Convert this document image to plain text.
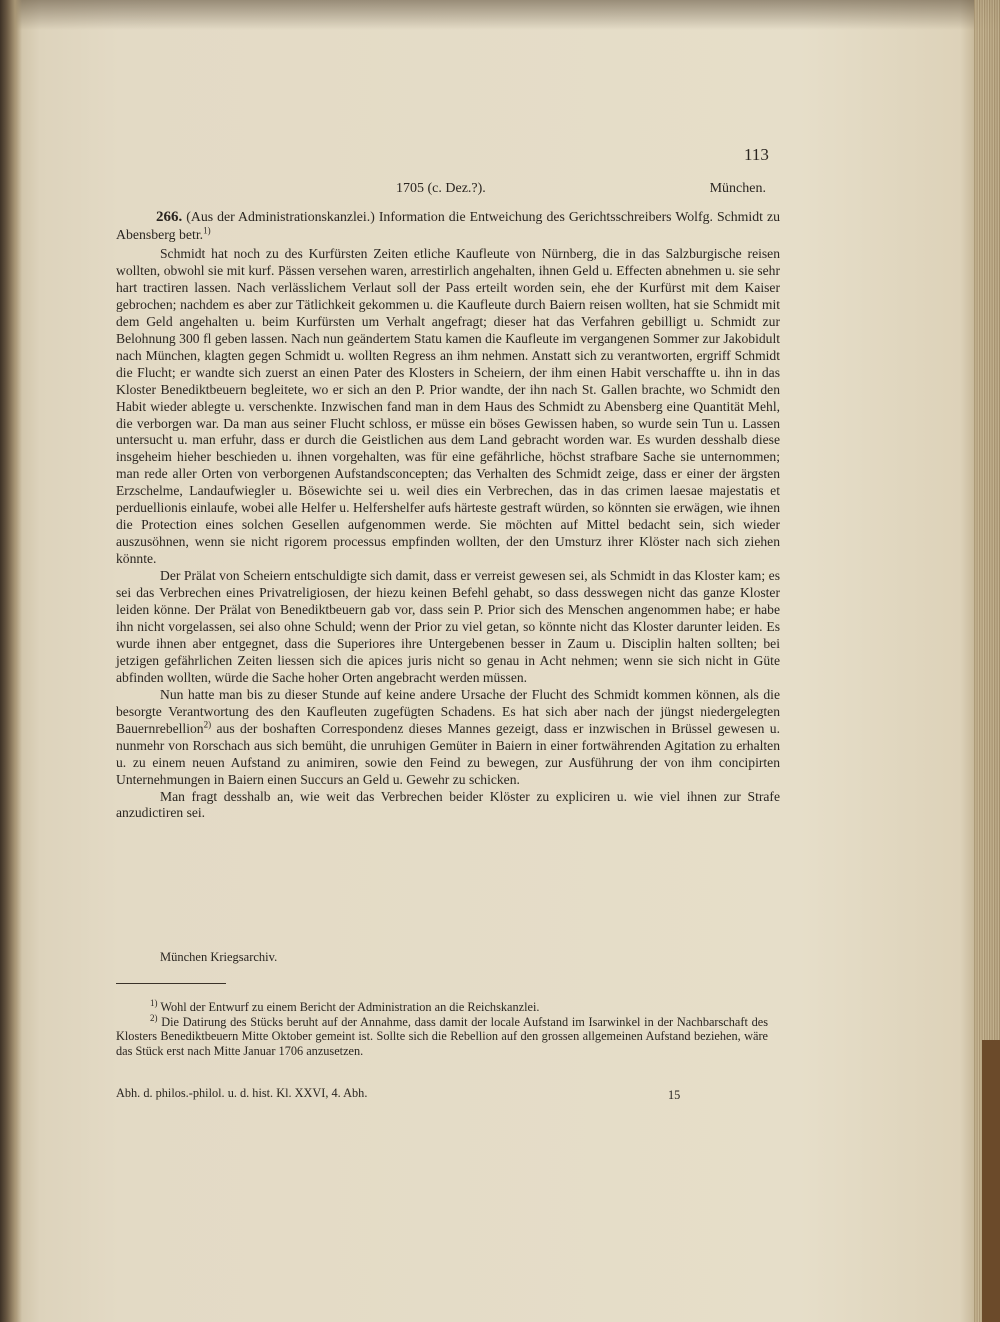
113
1705 (c. Dez.?).	München.
266. (Aus der Administrationskanzlei.) Information die Entweichung des Gerichtsschreibers Wolfg. Schmidt zu Abensberg betr.$^{1)}$

Schmidt hat noch zu des Kurfürsten Zeiten etliche Kaufleute von Nürnberg, die in das Salzburgische reisen wollten, obwohl sie mit kurf. Pässen versehen waren, arrestirlich angehalten, ihnen Geld u. Effecten abnehmen u. sie sehr hart tractiren lassen. Nach verlässlichem Verlaut soll der Pass erteilt worden sein, ehe der Kurfürst mit dem Kaiser gebrochen; nachdem es aber zur Tätlichkeit gekommen u. die Kaufleute durch Baiern reisen wollten, hat sie Schmidt mit dem Geld angehalten u. beim Kurfürsten um Verhalt angefragt; dieser hat das Verfahren gebilligt u. Schmidt zur Belohnung 300 fl geben lassen. Nach nun geändertem Statu kamen die Kaufleute im vergangenen Sommer zur Jakobidult nach München, klagten gegen Schmidt u. wollten Regress an ihm nehmen. Anstatt sich zu verantworten, ergriff Schmidt die Flucht; er wandte sich zuerst an einen Pater des Klosters in Scheiern, der ihm einen Habit verschaffte u. ihn in das Kloster Benediktbeuern begleitete, wo er sich an den P. Prior wandte, der ihn nach St. Gallen brachte, wo Schmidt den Habit wieder ablegte u. verschenkte. Inzwischen fand man in dem Haus des Schmidt zu Abensberg eine Quantität Mehl, die verborgen war. Da man aus seiner Flucht schloss, er müsse ein böses Gewissen haben, so wurde sein Tun u. Lassen untersucht u. man erfuhr, dass er durch die Geistlichen aus dem Land gebracht worden war. Es wurden desshalb diese insgeheim hieher beschieden u. ihnen vorgehalten, was für eine gefährliche, höchst strafbare Sache sie unternommen; man rede aller Orten von verborgenen Aufstandsconcepten; das Verhalten des Schmidt zeige, dass er einer der ärgsten Erzschelme, Landaufwiegler u. Bösewichte sei u. weil dies ein Verbrechen, das in das crimen laesae majestatis et perduellionis einlaufe, wobei alle Helfer u. Helfershelfer aufs härteste gestraft würden, so könnten sie erwägen, wie ihnen die Protection eines solchen Gesellen aufgenommen werde. Sie möchten auf Mittel bedacht sein, sich wieder auszusöhnen, wenn sie nicht rigorem processus empfinden wollten, der den Umsturz ihrer Klöster nach sich ziehen könnte.

Der Prälat von Scheiern entschuldigte sich damit, dass er verreist gewesen sei, als Schmidt in das Kloster kam; es sei das Verbrechen eines Privatreligiosen, der hiezu keinen Befehl gehabt, so dass desswegen nicht das ganze Kloster leiden könne. Der Prälat von Benediktbeuern gab vor, dass sein P. Prior sich des Menschen angenommen habe; er habe ihn nicht vorgelassen, sei also ohne Schuld; wenn der Prior zu viel getan, so könnte nicht das Kloster darunter leiden. Es wurde ihnen aber entgegnet, dass die Superiores ihre Untergebenen besser in Zaum u. Disciplin halten sollten; bei jetzigen gefährlichen Zeiten liessen sich die apices juris nicht so genau in Acht nehmen; wenn sie sich nicht in Güte abfinden wollten, würde die Sache hoher Orten angebracht werden müssen.

Nun hatte man bis zu dieser Stunde auf keine andere Ursache der Flucht des Schmidt kommen können, als die besorgte Verantwortung des den Kaufleuten zugefügten Schadens. Es hat sich aber nach der jüngst niedergelegten Bauernrebellion$^{2)}$ aus der boshaften Correspondenz dieses Mannes gezeigt, dass er inzwischen in Brüssel gewesen u. nunmehr von Rorschach aus sich bemüht, die unruhigen Gemüter in Baiern in einer fortwährenden Agitation zu erhalten u. zu einem neuen Aufstand zu animiren, sowie den Feind zu bewegen, zur Ausführung der von ihm concipirten Unternehmungen in Baiern einen Succurs an Geld u. Gewehr zu schicken.

Man fragt desshalb an, wie weit das Verbrechen beider Klöster zu expliciren u. wie viel ihnen zur Strafe anzudictiren sei.

München Kriegsarchiv.

$^{1)}$ Wohl der Entwurf zu einem Bericht der Administration an die Reichskanzlei.

$^{2)}$ Die Datirung des Stücks beruht auf der Annahme, dass damit der locale Aufstand im Isarwinkel in der Nachbarschaft des Klosters Benediktbeuern Mitte Oktober gemeint ist. Sollte sich die Rebellion auf den grossen allgemeinen Aufstand beziehen, wäre das Stück erst nach Mitte Januar 1706 anzusetzen.

Abh. d. philos.-philol. u. d. hist. Kl. XXVI, 4. Abh.	15
